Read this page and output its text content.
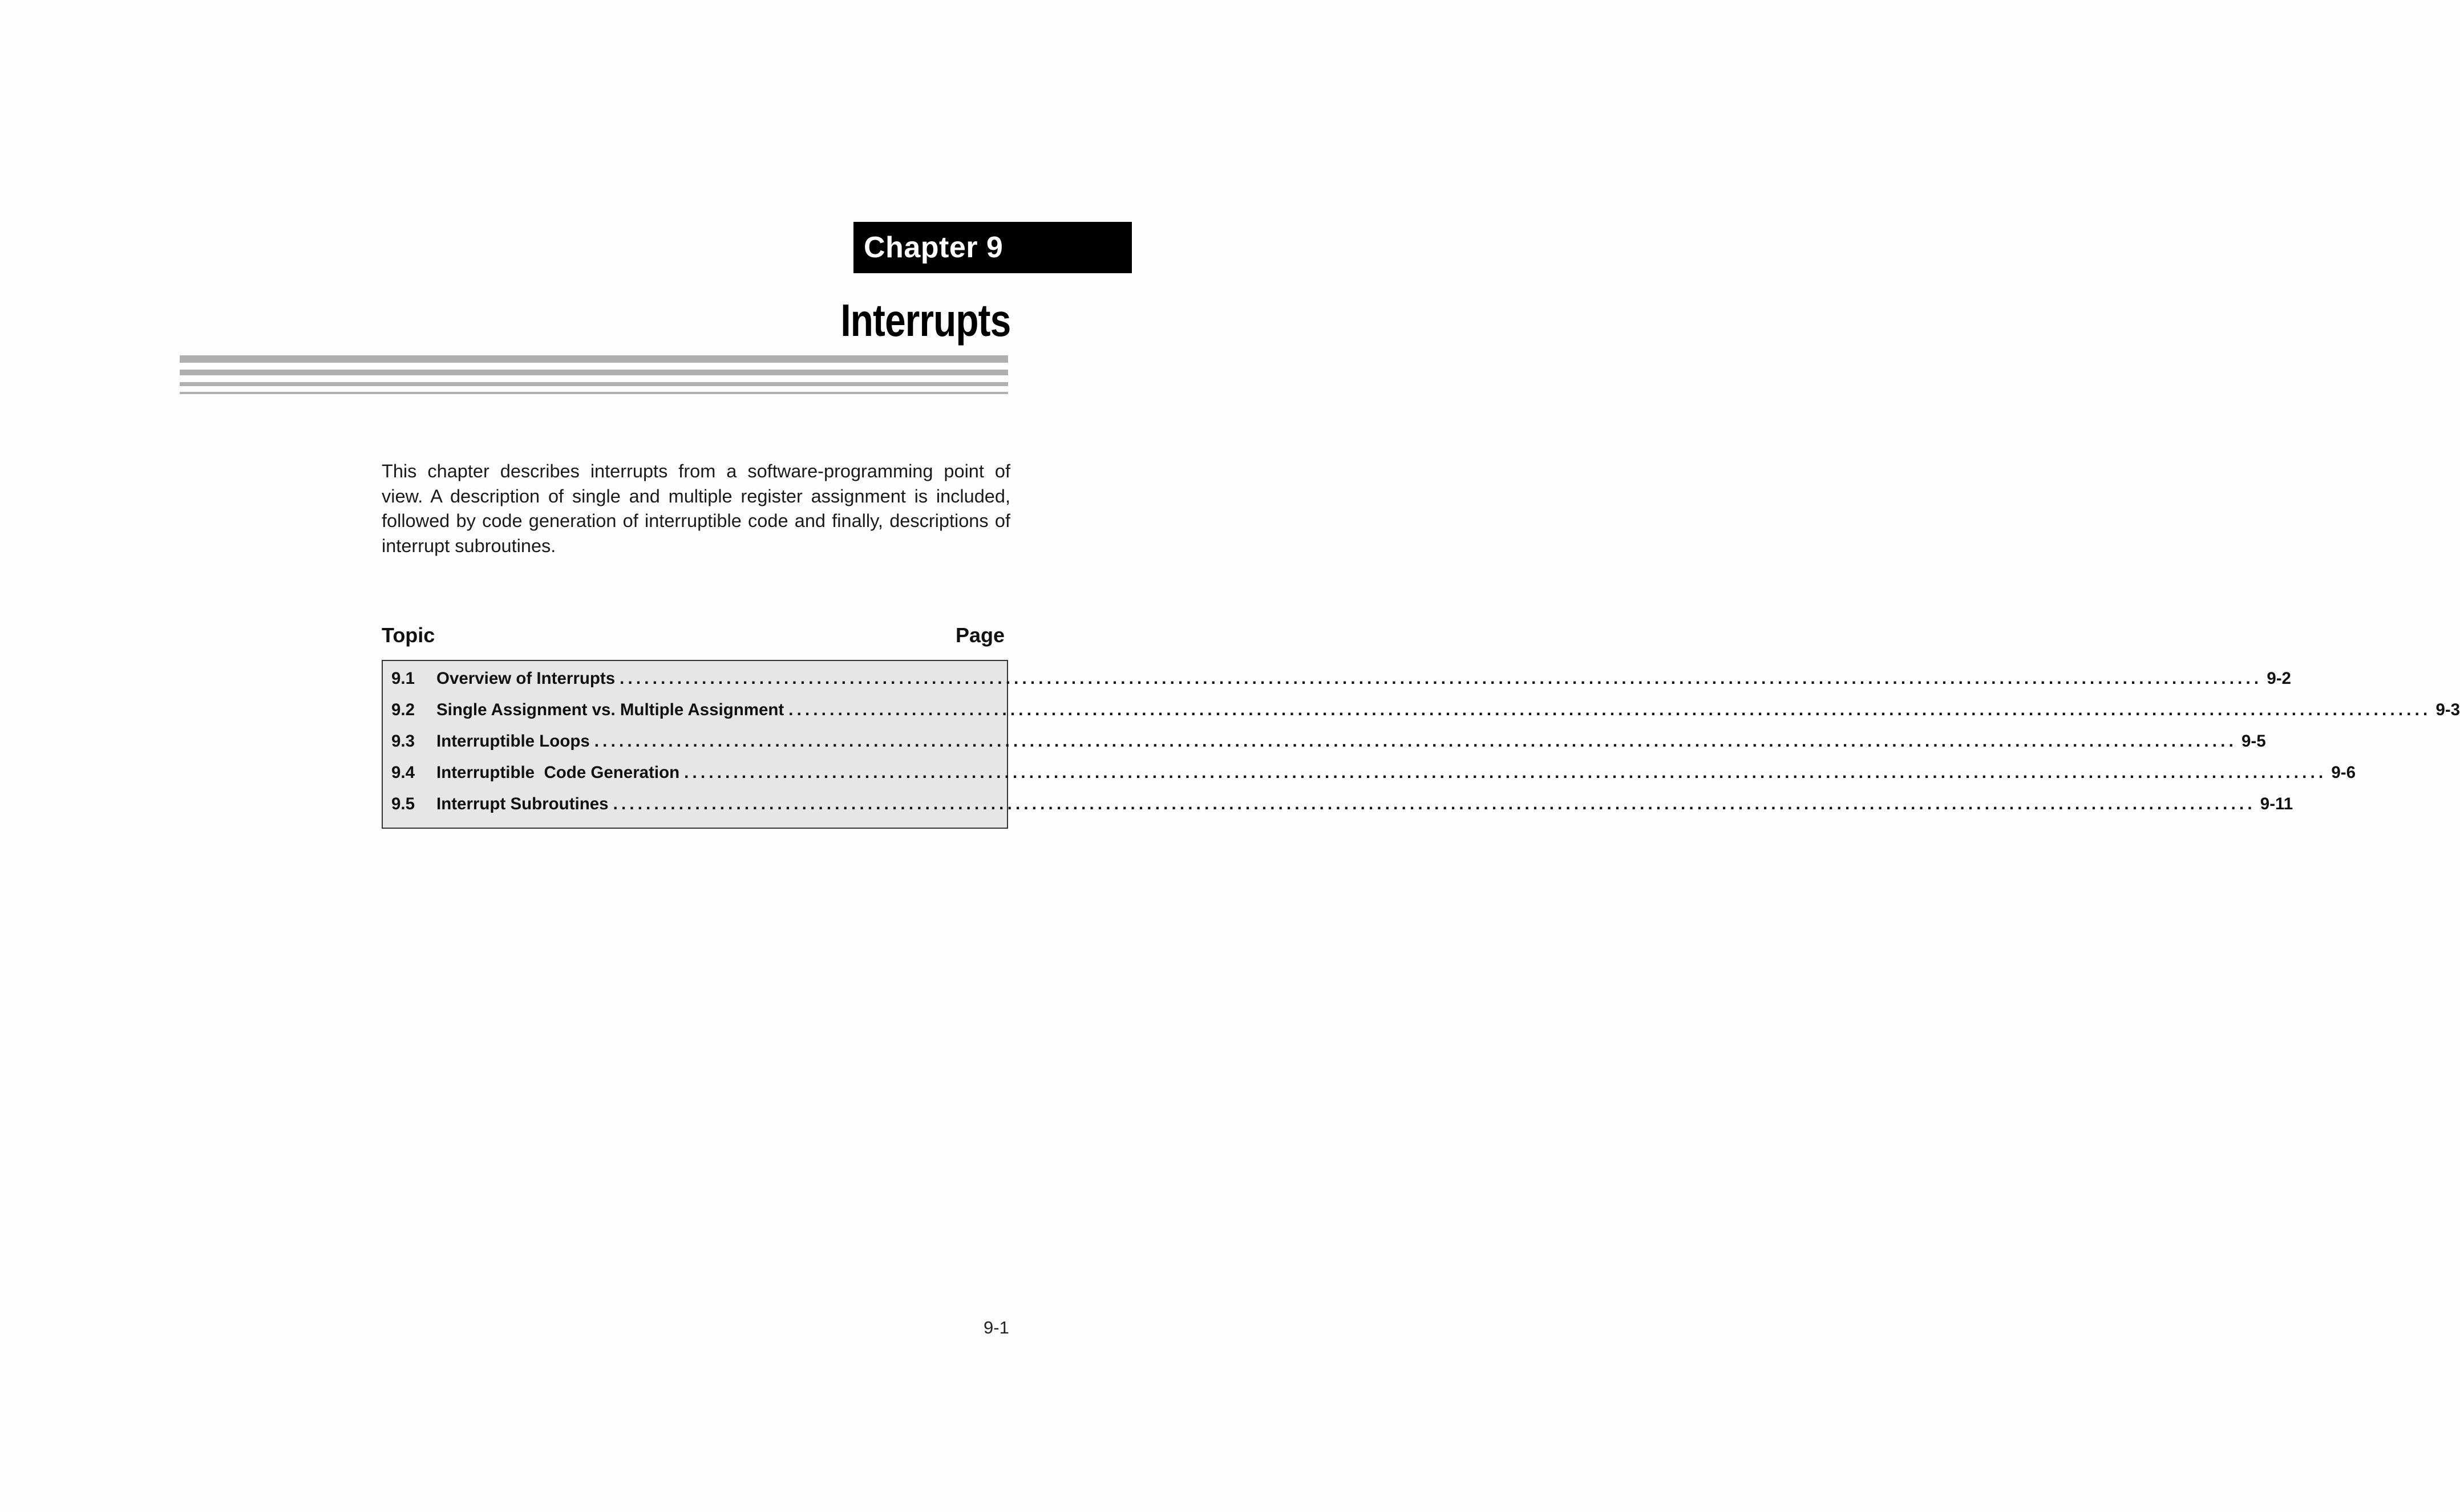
Chapter 9
Interrupts

This chapter describes interrupts from a software-programming point of view. A description of single and multiple register assignment is included, followed by code generation of interruptible code and finally, descriptions of interrupt subroutines.

Topic	Page
9.1	Overview of Interrupts ........................................................................................................................................................................................................ 9-2
9.2	Single Assignment vs. Multiple Assignment ........................................................................................................................................................................................................ 9-3
9.3	Interruptible Loops ........................................................................................................................................................................................................ 9-5
9.4	Interruptible  Code Generation ........................................................................................................................................................................................................ 9-6
9.5	Interrupt Subroutines ........................................................................................................................................................................................................ 9-11
9-1
